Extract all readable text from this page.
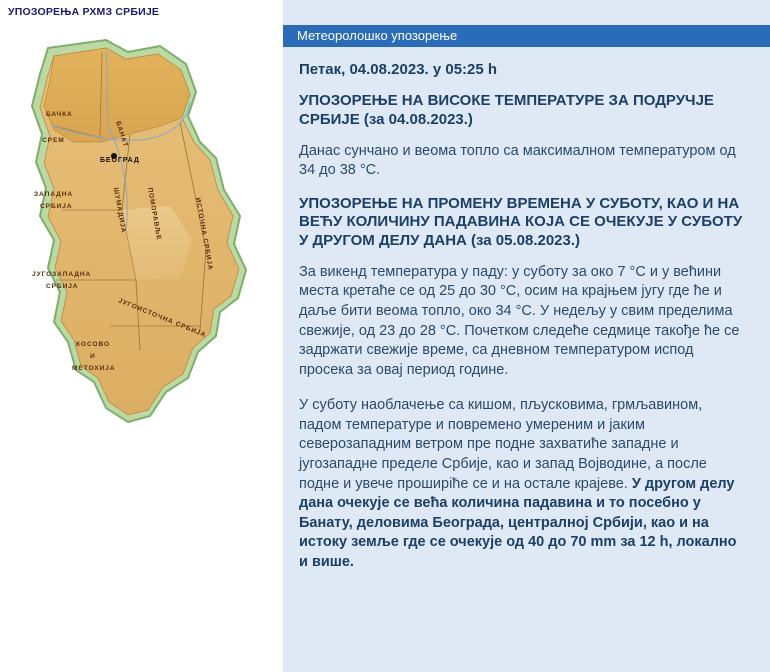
УПОЗОРЕЊА РХМЗ СРБИЈЕ
БАЧКА
БАНАТ
СРЕМ
БЕОГРАД
ЗАПАДНА
СРБИЈА	ШУМАДИЈА	ПОМОРАВЉЕ	ИСТОЧНА СРБИЈА
ЈУГОЗАПАДНА
СРБИЈА
ЈУГОИСТОЧНА СРБИЈА
КОСОВО
И
МЕТОХИЈА
Метеоролошко упозорење
Петак, 04.08.2023. у 05:25 h
УПОЗОРЕЊЕ НА ВИСОКЕ ТЕМПЕРАТУРЕ ЗА ПОДРУЧЈЕ СРБИЈЕ (за 04.08.2023.)
Данас сунчано и веома топло са максималном температуром од 34 до 38 °С.
УПОЗОРЕЊЕ НА ПРОМЕНУ ВРЕМЕНА У СУБОТУ, КАО И НА ВЕЋУ КОЛИЧИНУ ПАДАВИНА КОЈА СЕ ОЧЕКУЈЕ У СУБОТУ У ДРУГОМ ДЕЛУ ДАНА (за 05.08.2023.)
За викенд температура у паду: у суботу за око 7 °С и у већини места кретаће се од 25 до 30 °С, осим на крајњем југу где ће и даље бити веома топло, око 34 °С. У недељу у свим пределима свежије, од 23 до 28 °С. Почетком следеће седмице такође ће се задржати свежије време, са дневном температуром испод просека за овај период године.
У суботу наоблачење са кишом, пљусковима, грмљавином, падом температуре и повремено умереним и јаким северозападним ветром пре подне захватиће западне и југозападне пределе Србије, као и запад Војводине, а после подне и увече проширiће се и на остале крајеве. У другом делу дана очекује се већа количина падавина и то посебно у Банату, деловима Београда, централној Србији, као и на истоку земље где се очекује од 40 до 70 mm за 12 h, локално и више.
